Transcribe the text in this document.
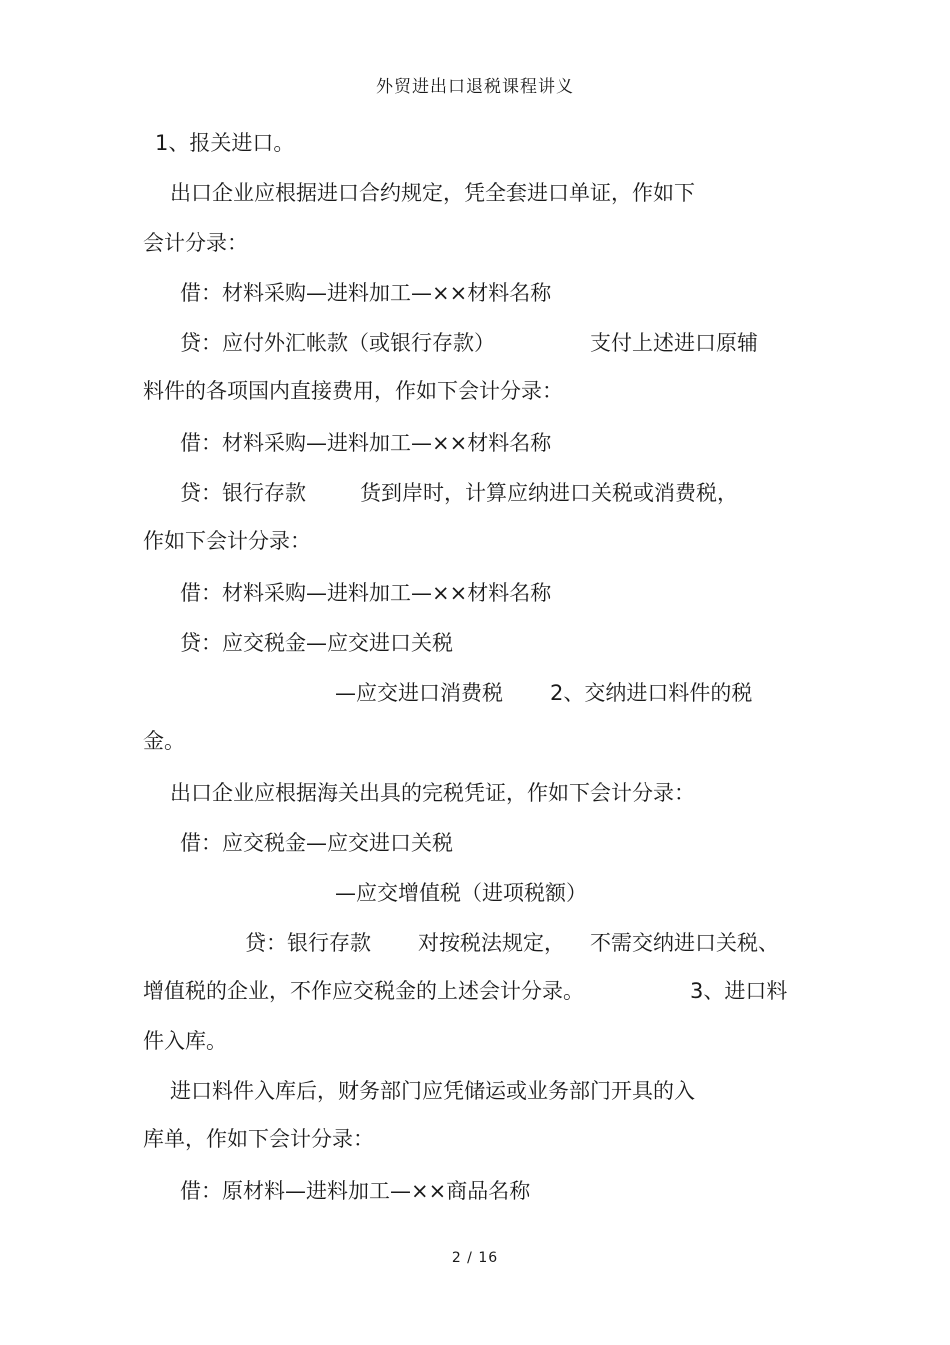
外贸进出口退税课程讲义
1、报关进口。
出口企业应根据进口合约规定，凭全套进口单证，作如下
会计分录：
借：材料采购—进料加工—××材料名称
贷：应付外汇帐款（或银行存款）	支付上述进口原辅
料件的各项国内直接费用，作如下会计分录：
借：材料采购—进料加工—××材料名称
贷：银行存款	货到岸时，计算应纳进口关税或消费税，
作如下会计分录：
借：材料采购—进料加工—××材料名称
贷：应交税金—应交进口关税
—应交进口消费税 2、交纳进口料件的税
金。
出口企业应根据海关出具的完税凭证，作如下会计分录：
借：应交税金—应交进口关税
—应交增值税（进项税额）
贷：银行存款 对按税法规定， 不需交纳进口关税、
增值税的企业，不作应交税金的上述会计分录。	3、进口料
件入库。
进口料件入库后，财务部门应凭储运或业务部门开具的入
库单，作如下会计分录：
借：原材料—进料加工—××商品名称
2 / 16
